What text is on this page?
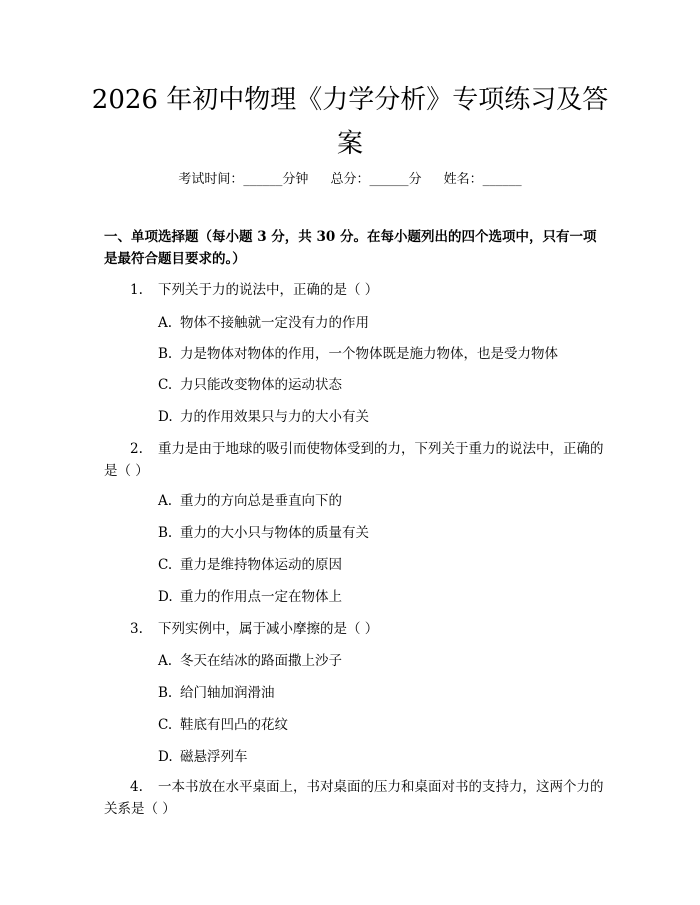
2026 年初中物理《力学分析》专项练习及答案
考试时间：______分钟 总分：______分 姓名：______

一、单项选择题（每小题 3 分，共 30 分。在每小题列出的四个选项中，只有一项是最符合题目要求的。）

1. 下列关于力的说法中，正确的是（ ）

A. 物体不接触就一定没有力的作用
B. 力是物体对物体的作用，一个物体既是施力物体，也是受力物体
C. 力只能改变物体的运动状态
D. 力的作用效果只与力的大小有关

2. 重力是由于地球的吸引而使物体受到的力，下列关于重力的说法中，正确的是（ ）

A. 重力的方向总是垂直向下的
B. 重力的大小只与物体的质量有关
C. 重力是维持物体运动的原因
D. 重力的作用点一定在物体上

3. 下列实例中，属于减小摩擦的是（ ）

A. 冬天在结冰的路面撒上沙子
B. 给门轴加润滑油
C. 鞋底有凹凸的花纹
D. 磁悬浮列车

4. 一本书放在水平桌面上，书对桌面的压力和桌面对书的支持力，这两个力的关系是（ ）
